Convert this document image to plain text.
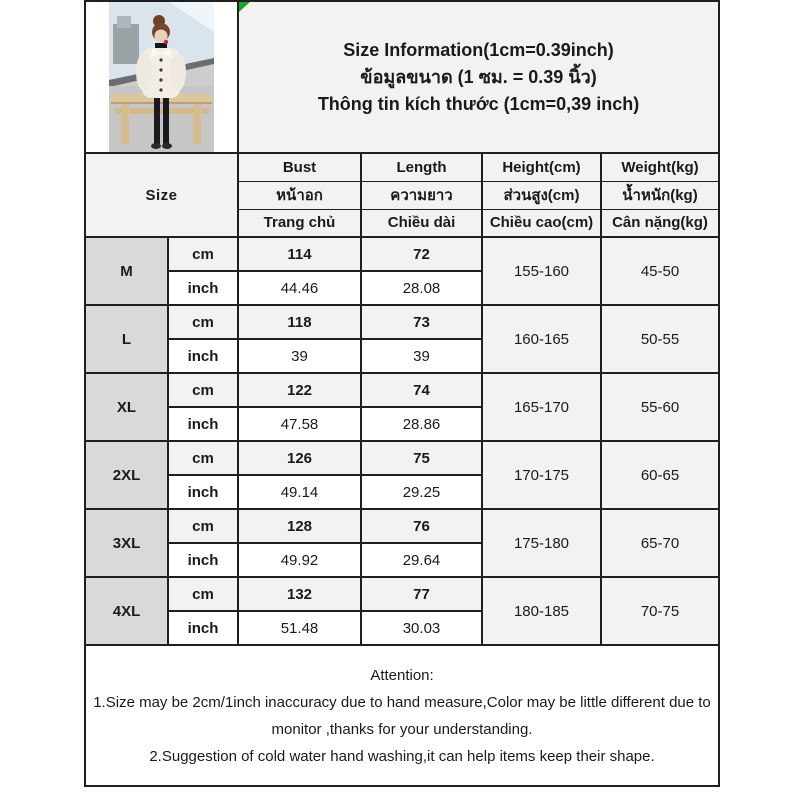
Size Information(1cm=0.39inch)
ข้อมูลขนาด (1 ซม. = 0.39 นิ้ว)
Thông tin kích thước (1cm=0,39 inch)			

Size		Bust	Length	Height(cm)	Weight(kg)
		หน้าอก	ความยาว	ส่วนสูง(cm)	น้ำหนัก(kg)
		Trang chủ	Chiều dài	Chiều cao(cm)	Cân nặng(kg)
M	cm	114	72	155-160	45-50
	inch	44.46	28.08		
L	cm	118	73	160-165	50-55
	inch	39	39		
XL	cm	122	74	165-170	55-60
	inch	47.58	28.86		
2XL	cm	126	75	170-175	60-65
	inch	49.14	29.25		
3XL	cm	128	76	175-180	65-70
	inch	49.92	29.64		
4XL	cm	132	77	180-185	70-75
	inch	51.48	30.03		

Attention:
1.Size may be 2cm/1inch inaccuracy due to hand measure,Color may be little different due to monitor ,thanks for your understanding.
2.Suggestion of cold water hand washing,it can help items keep their shape.					
